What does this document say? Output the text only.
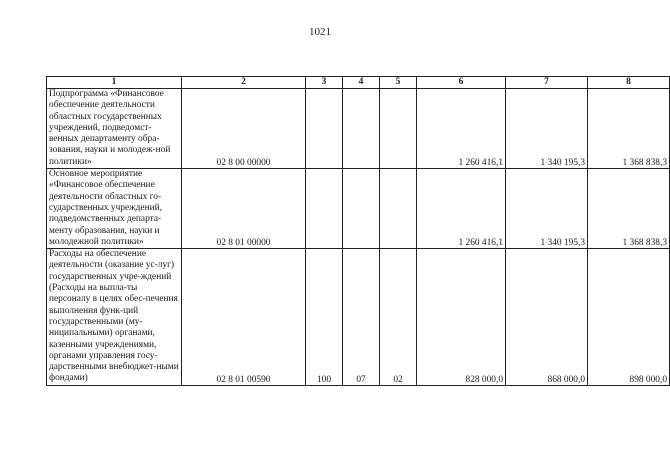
1021
1	2	3	4	5	6	7	8
Подпрограмма «Финансовое обеспечение деятельности областных государственных учреждений, подведомст-венных департаменту обра-зования, науки и молодеж-ной политики»	02 8 00 00000				1 260 416,1	1 340 195,3	1 368 838,3
Основное мероприятие «Финансовое обеспечение деятельности областных го-сударственных учреждений, подведомственных департа-менту образования, науки и молодежной политики»	02 8 01 00000				1 260 416,1	1 340 195,3	1 368 838,3
Расходы на обеспечение деятельности (оказание ус-луг) государственных учре-ждений (Расходы на выпла-ты персоналу в целях обес-печения выполнения функ-ций государственными (му-ниципальными) органами, казенными учреждениями, органами управления госу-дарственными внебюджет-ными фондами)	02 8 01 00590	100	07	02	828 000,0	868 000,0	898 000,0
